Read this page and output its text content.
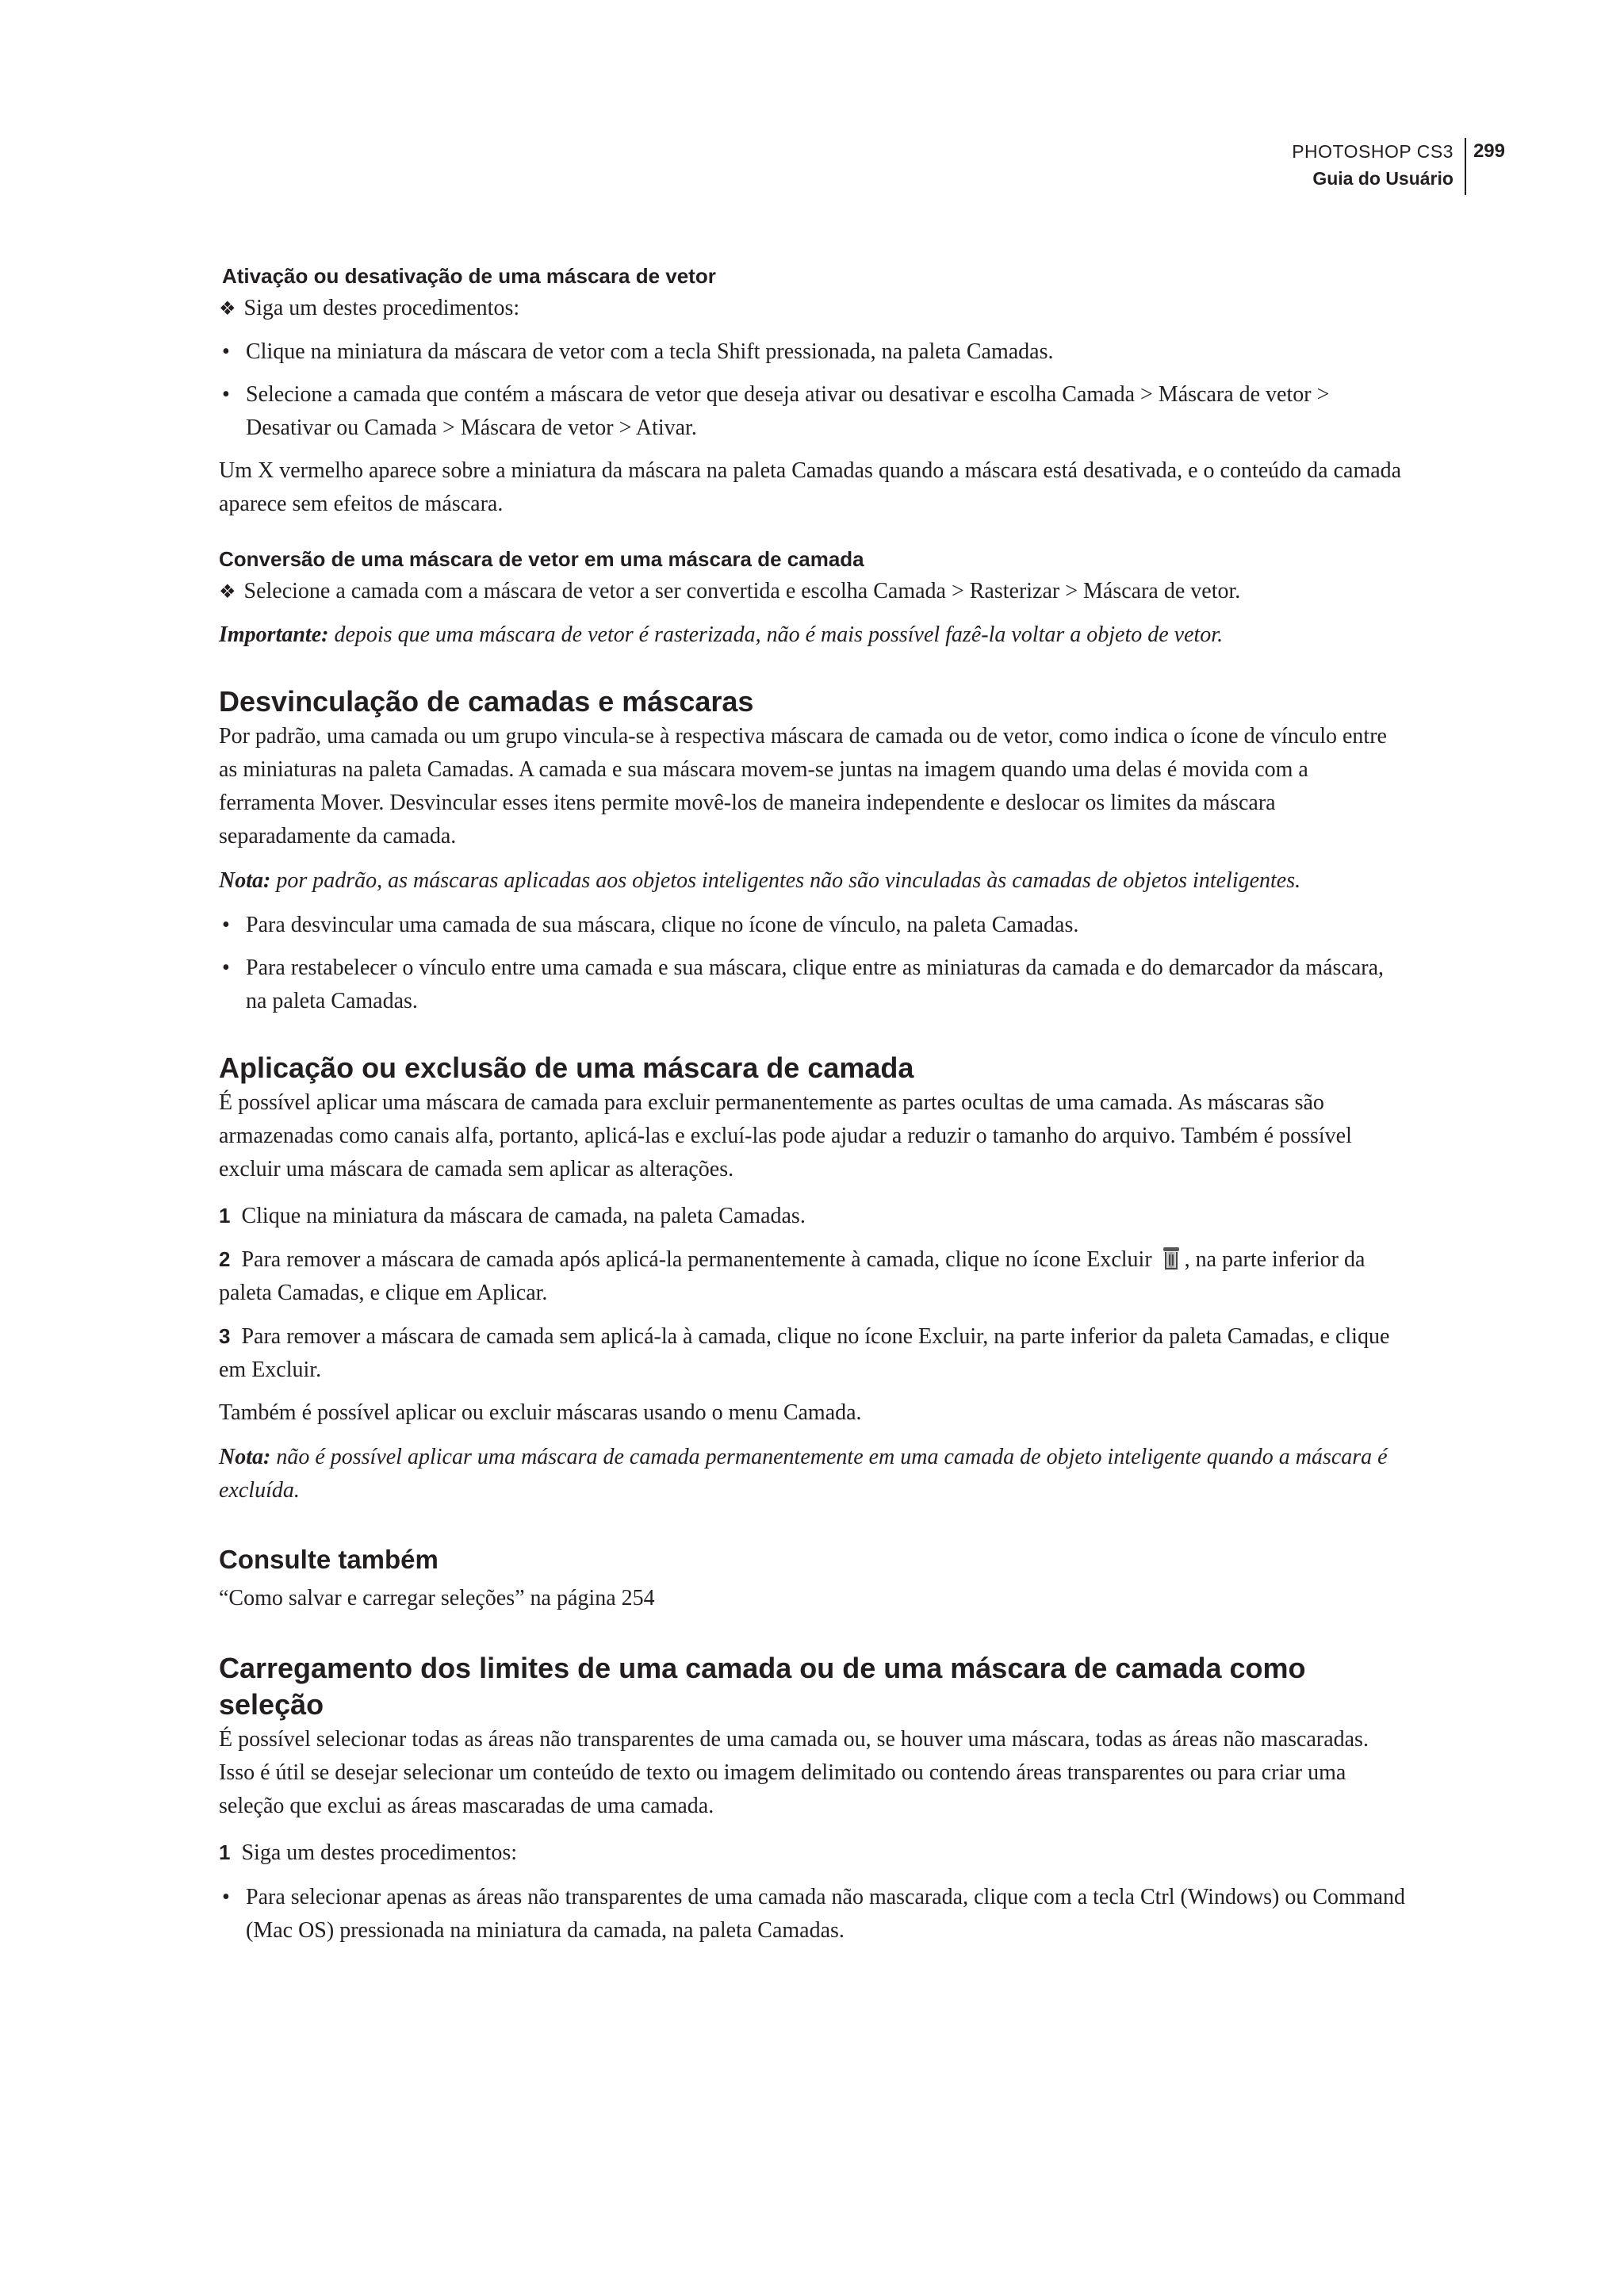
PHOTOSHOP CS3
Guia do Usuário
299
Ativação ou desativação de uma máscara de vetor
❖ Siga um destes procedimentos:
• Clique na miniatura da máscara de vetor com a tecla Shift pressionada, na paleta Camadas.
• Selecione a camada que contém a máscara de vetor que deseja ativar ou desativar e escolha Camada > Máscara de vetor > Desativar ou Camada > Máscara de vetor > Ativar.
Um X vermelho aparece sobre a miniatura da máscara na paleta Camadas quando a máscara está desativada, e o conteúdo da camada aparece sem efeitos de máscara.
Conversão de uma máscara de vetor em uma máscara de camada
❖ Selecione a camada com a máscara de vetor a ser convertida e escolha Camada > Rasterizar > Máscara de vetor.
Importante: depois que uma máscara de vetor é rasterizada, não é mais possível fazê-la voltar a objeto de vetor.
Desvinculação de camadas e máscaras
Por padrão, uma camada ou um grupo vincula-se à respectiva máscara de camada ou de vetor, como indica o ícone de vínculo entre as miniaturas na paleta Camadas. A camada e sua máscara movem-se juntas na imagem quando uma delas é movida com a ferramenta Mover. Desvincular esses itens permite movê-los de maneira independente e deslocar os limites da máscara separadamente da camada.
Nota: por padrão, as máscaras aplicadas aos objetos inteligentes não são vinculadas às camadas de objetos inteligentes.
• Para desvincular uma camada de sua máscara, clique no ícone de vínculo, na paleta Camadas.
• Para restabelecer o vínculo entre uma camada e sua máscara, clique entre as miniaturas da camada e do demarcador da máscara, na paleta Camadas.
Aplicação ou exclusão de uma máscara de camada
É possível aplicar uma máscara de camada para excluir permanentemente as partes ocultas de uma camada. As máscaras são armazenadas como canais alfa, portanto, aplicá-las e excluí-las pode ajudar a reduzir o tamanho do arquivo. Também é possível excluir uma máscara de camada sem aplicar as alterações.
1 Clique na miniatura da máscara de camada, na paleta Camadas.
2 Para remover a máscara de camada após aplicá-la permanentemente à camada, clique no ícone Excluir , na parte inferior da paleta Camadas, e clique em Aplicar.
3 Para remover a máscara de camada sem aplicá-la à camada, clique no ícone Excluir, na parte inferior da paleta Camadas, e clique em Excluir.
Também é possível aplicar ou excluir máscaras usando o menu Camada.
Nota: não é possível aplicar uma máscara de camada permanentemente em uma camada de objeto inteligente quando a máscara é excluída.
Consulte também
“Como salvar e carregar seleções” na página 254
Carregamento dos limites de uma camada ou de uma máscara de camada como seleção
É possível selecionar todas as áreas não transparentes de uma camada ou, se houver uma máscara, todas as áreas não mascaradas. Isso é útil se desejar selecionar um conteúdo de texto ou imagem delimitado ou contendo áreas transparentes ou para criar uma seleção que exclui as áreas mascaradas de uma camada.
1 Siga um destes procedimentos:
• Para selecionar apenas as áreas não transparentes de uma camada não mascarada, clique com a tecla Ctrl (Windows) ou Command (Mac OS) pressionada na miniatura da camada, na paleta Camadas.
